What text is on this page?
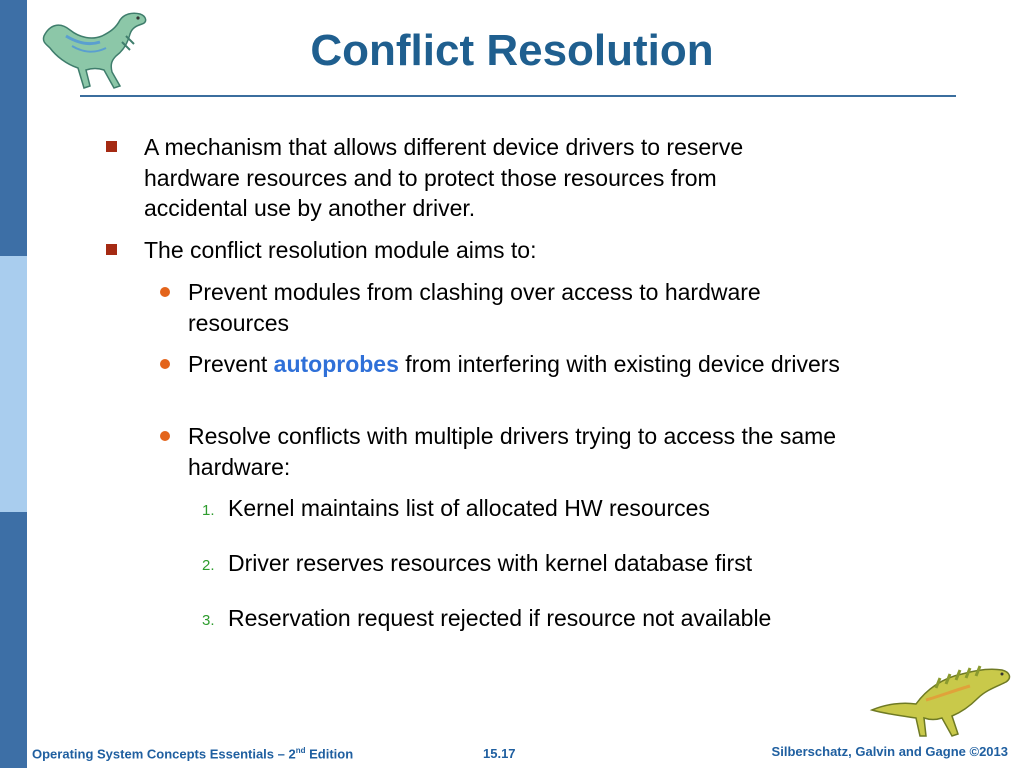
Conflict Resolution
A mechanism that allows different device drivers to reserve hardware resources and to protect those resources from accidental use by another driver.
The conflict resolution module aims to:
Prevent modules from clashing over access to hardware resources
Prevent autoprobes from interfering with existing device drivers
Resolve conflicts with multiple drivers trying to access the same hardware:
1. Kernel maintains list of allocated HW resources
2. Driver reserves resources with kernel database first
3. Reservation request rejected if resource not available
Operating System Concepts Essentials – 2nd Edition	15.17	Silberschatz, Galvin and Gagne ©2013
